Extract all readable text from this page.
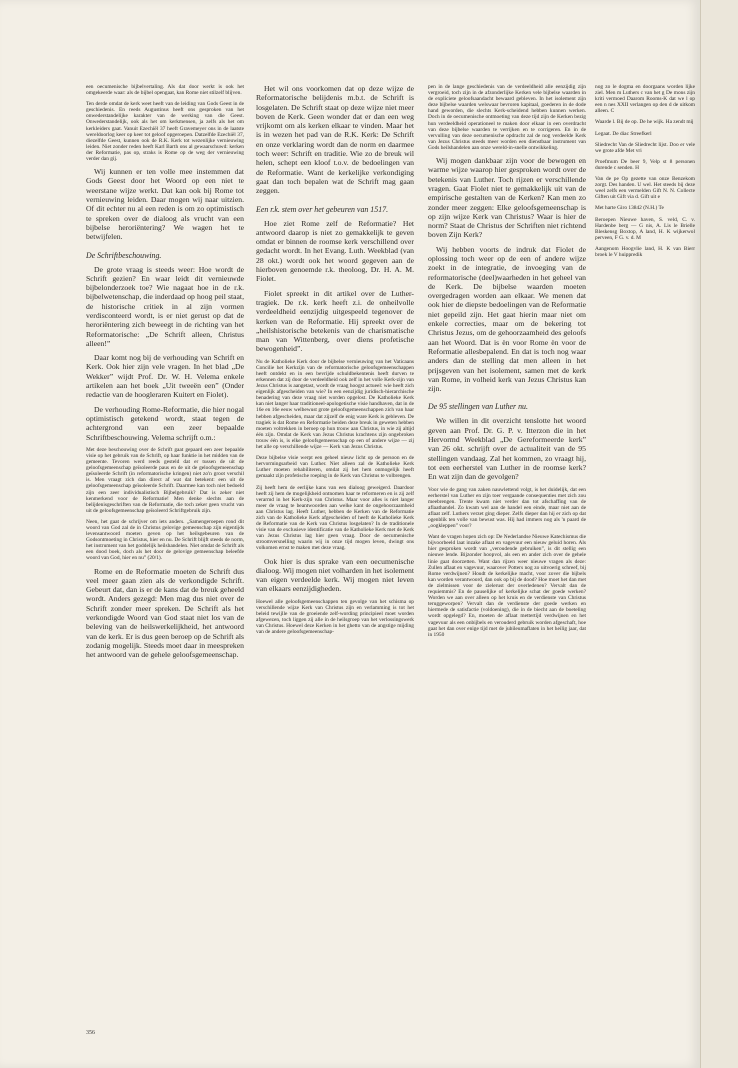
een oecumenische bijbelvertaling. Als dat door werkt is ook het omgekeerde waar: als de bijbel opengaat, kan Rome niet stilzelf blijven.

Ten derde omdat de kerk weet heeft van de leiding van Gods Geest in de geschiedenis. En reeds Augustinus heeft ons gesproken van het onwederstandelijke karakter van de werking van die Geest. Onwederstandelijk, ook als het om kerkmensen, ja zelfs als het om kerkleiders gaat. Vanuit Ezechiël 37 heeft Gravemeyer ons in de laatste wereldoorlog keer op keer tot geloof opgeroepen. Datzelfde Ezechiël 37, diezelfde Geest, kunnen ook de R.K. Kerk tot wezenlijke vernieuwing leiden. Niet zonder reden heeft Karl Barth ons al gewaarschuwd: kerken der Reformatie, pas op, straks is Rome op de weg der vernieuwing verder dan gij.

Wij kunnen er ten volle mee instemmen dat Gods Geest door het Woord op een niet te weerstane wijze werkt. Dat kan ook bij Rome tot vernieuwing leiden. Daar mogen wij naar uitzien. Of dit echter nu al een reden is om zo optimistisch te spreken over de dialoog als vrucht van een bijbelse heroriëntering? We wagen het te betwijfelen.

De Schriftbeschouwing.

De grote vraag is steeds weer: Hoe wordt de Schrift gezien? En waar leidt dit vernieuwde bijbelonderzoek toe? Wie nagaat hoe in de r.k. bijbelwetenschap, die inderdaad op hoog peil staat, de historische critiek in al zijn vormen verdisconteerd wordt, is er niet gerust op dat de heroriëntering zich beweegt in de richting van het Reformatorische: „De Schrift alleen, Christus alleen!”

Daar komt nog bij de verhouding van Schrift en Kerk. Ook hier zijn vele vragen. In het blad „De Wekker” wijdt Prof. Dr. W. H. Velema enkele artikelen aan het boek „Uit tweeën een” (Onder redactie van de hoogleraren Kuitert en Fiolet).

De verhouding Rome-Reformatie, die hier nogal optimistisch getekend wordt, staat tegen de achtergrond van een zeer bepaalde Schriftbeschouwing. Velema schrijft o.m.:

Met deze beschouwing over de Schrift gaat gepaard een zeer bepaalde visie op het gebruik van de Schrift, op haar funktie in het midden van de gemeente. Tevoren werd reeds gesteld dat er tussen de uit de geloofsgemeenschap geïsoleerde paus en de uit de geloofsgemeenschap geïsoleerde Schrift (in reformatorische kringen) niet zo'n groot verschil is. Men vraagt zich dan direct af wat dat betekent: een uit de geloofsgemeenschap geïsoleerde Schrift. Daarmee kan toch niet bedoeld zijn een zeer individualistisch Bijbelgebruik? Dat is zeker niet kenmerkend voor de Reformatie! Men denke slechts aan de belijdenisgeschriften van de Reformatie, die toch zeker geen vrucht van uit de geloofsgemeenschap geïsoleerd Schriftgebruik zijn.

Neen, het gaat de schrijver om iets anders. „Samengeroepen rond dit woord van God zal de in Christus gelovige gemeenschap zijn eigentijds levensantwoord moeten geven op het heilsgebeuren van de Godsontmoeting in Christus, hier en nu. De Schrift blijft steeds de norm, het instrument van het goddelijk heilshandelen. Niet omdat de Schrift als een dood boek, doch als het door de gelovige gemeenschap beleefde woord van God, hier en nu” (20/1).

Rome en de Reformatie moeten de Schrift dus veel meer gaan zien als de verkondigde Schrift. Gebeurt dat, dan is er de kans dat de breuk geheeld wordt. Anders gezegd: Men mag dus niet over de Schrift zonder meer spreken. De Schrift als het verkondigde Woord van God staat niet los van de beleving van de heilswerkelijkheid, het antwoord van de kerk. Er is dus geen beroep op de Schrift als zodanig mogelijk. Steeds moet daar in meespreken het antwoord van de gehele geloofsgemeenschap.

Het wil ons voorkomen dat op deze wijze de Reformatorische belijdenis m.b.t. de Schrift is losgelaten. De Schrift staat op deze wijze niet meer boven de Kerk. Geen wonder dat er dan een weg vrijkomt om als kerken elkaar te vinden. Maar het is in wezen het pad van de R.K. Kerk: De Schrift en onze verklaring wordt dan de norm en daarmee toch weer: Schrift en traditie. Wie zo de breuk wil helen, schept een kloof t.o.v. de bedoelingen van de Reformatie. Want de kerkelijke verkondiging gaat dan toch bepalen wat de Schrift mag gaan zeggen.

Een r.k. stem over het gebeuren van 1517.

Hoe ziet Rome zelf de Reformatie? Het antwoord daarop is niet zo gemakkelijk te geven omdat er binnen de roomse kerk verschillend over gedacht wordt. In het Evang. Luth. Weekblad (van 28 okt.) wordt ook het woord gegeven aan de hierboven genoemde r.k. theoloog, Dr. H. A. M. Fiolet.

Fiolet spreekt in dit artikel over de Luther-tragiek. De r.k. kerk heeft z.i. de onheilvolle verdeeldheid eenzijdig uitgespeeld tegenover de kerken van de Reformatie. Hij spreekt over de „heilshistorische betekenis van de charismatische man van Wittenberg, over diens profetische bewogenheid”.

Nu de Katholieke Kerk door de bijbelse vernieuwing van het Vaticaans Concilie het Kerkzijn van de reformatorische geloofsgemeenschappen heeft ontdekt en in een bevrijde schuldbekentenis heeft durven te erkennen dat zij door de verdeeldheid ook zelf in het volle Kerk-zijn van Jezus Christus is aangetast, wordt de vraag hoogst actueel: wie heeft zich eigenlijk afgescheiden van wie? In een eenzijdig juridisch-hierarchische benadering van deze vraag niet worden opgelost. De Katholieke Kerk kan niet langer haar traditioneel-apologetische visie handhaven, dat in de 16e en 16e eeuw welbewust grote geloofsgemeenschappen zich van haar hebben afgescheiden, maar dat zijzelf de enig ware Kerk is gebleven. De tragiek is dat Rome en Reformatie beiden deze breuk in geweten hebben moeten voltrekken in beroep op hun trouw aan Christus, in wie zij altijd één zijn. Omdat de Kerk van Jezus Christus krachtens zijn ongebroken trouw één is, is elke geloofsgemeenschap op een of andere wijze — zij het alle op verschillende wijze — Kerk van Jezus Christus.

Deze bijbelse visie werpt een geheel nieuw licht op de persoon en de hervormingsarbeid van Luther. Niet alleen zal de Katholieke Kerk Luther moeten rehabiliteren, omdat zij het hem onmogelijk heeft gemaakt zijn profetische roeping in de Kerk van Christus te volbrengen.

Zij heeft hem de eerlijke kans van een dialoog geweigerd. Daardoor heeft zij hem de mogelijkheid ontnomen haar te reformeren en is zij zelf verarmd in het Kerk-zijn van Christus. Maar voor alles is niet langer meer de vraag te beantwoorden aan welke kant de ongehoorzaamheid aan Christus lag. Heeft Luther, hebben de Kerken van de Reformatie zich van de Katholieke Kerk afgescheiden of heeft de Katholieke Kerk de Reformatie van de Kerk van Christus losgelaten? In de traditionele visie van de exclusieve identificatie van de Katholieke Kerk met de Kerk van Jezus Christus lag hier geen vraag. Door de oecumenische stroomversnelling waarin wij in onze tijd mogen leven, dwingt ons volkomen ernst te maken met deze vraag.

Ook hier is dus sprake van een oecumenische dialoog. Wij mogen niet volharden in het isolement van eigen verdeelde kerk. Wij mogen niet leven van elkaars eenzijdigheden.

Hoewel alle geloofsgemeenschappen ten gevolge van het schisma op verschillende wijze Kerk van Christus zijn en verlamming is tot het beleid tewijlle van de groeiende zelf-wording principieel moet worden afgewezen, toch liggen zij alle in de heilsgroep van het verlossingswerk van Christus. Hoewel deze Kerken in het ghetto van de angstige mijding van de andere geloofsgemeenschap-

pen in de lange geschiedenis van de verdeeldheid alle eenzijdig zijn vergroeid, toch zijn in de afzonderlijke Kerken vele bijbelse waarden in de expliciete geloofsaandacht bewaard gebleven. In het isolement zijn deze bijbelse waarden welswaar bevroren kapitaal, goederen in de dode hand geworden, die slechts Kerk-scheidend hebben kunnen werken. Doch in de oecumenische ontmoeting van deze tijd zijn de Kerken bezig hun verdeeldheid operationeel te maken door elkaar in een overdracht van deze bijbelse waarden te verrijken en te corrigeren. En in de vervulling van deze oecumenische opdracht zal de nog verdeelde Kerk van Jezus Christus steeds meer worden een dienstbaar instrument van Gods heilshandelen aan onze wereld-in-snelle ontwikkeling.

Wij mogen dankbaar zijn voor de bewogen en warme wijze waarop hier gesproken wordt over de betekenis van Luther. Toch rijzen er verschillende vragen. Gaat Fiolet niet te gemakkelijk uit van de empirische gestalten van de Kerken? Kan men zo zonder meer zeggen: Elke geloofsgemeenschap is op zijn wijze Kerk van Christus? Waar is hier de norm? Staat de Christus der Schriften niet richtend boven Zijn Kerk?

Wij hebben voorts de indruk dat Fiolet de oplossing toch weer op de een of andere wijze zoekt in de integratie, de invoeging van de reformatorische (deel)waarheden in het geheel van de Kerk. De bijbelse waarden moeten overgedragen worden aan elkaar. We menen dat ook hier de diepste bedoelingen van de Reformatie niet gepeild zijn. Het gaat hierin maar niet om enkele correcties, maar om de bekering tot Christus Jezus, om de gehoorzaamheid des geloofs aan het Woord. Dat is èn voor Rome èn voor de Reformatie allesbepalend. En dat is toch nog waar anders dan de stelling dat men alleen in het prijsgeven van het isolement, samen met de kerk van Rome, in volheid kerk van Jezus Christus kan zijn.

De 95 stellingen van Luther nu.

We willen in dit overzicht tenslotte het woord geven aan Prof. Dr. G. P. v. Itterzon die in het Hervormd Weekblad „De Gereformeerde kerk” van 26 okt. schrijft over de actualiteit van de 95 stellingen vandaag. Zal het kommen, zo vraagt hij, tot een eerherstel van Luther in de roomse kerk? En wat zijn dan de gevolgen?

Voor wie de gang van zaken nauwlettend volgt, is het duidelijk, dat een eerherstel van Luther en zijn toer vergaande consequenties met zich zou meebrengen. Trente kwam niet verder dan tot afschaffing van de aflaathandel. Zo kwam wel aan de handel een einde, maar niet aan de aflaat zelf. Luthers verzet ging dieper. Zelfs dieper dan hij er zich op dat ogenblik ten volle van bewust was. Hij had immers nog als 'n paard de „oogkleppen” voor?

Want de vragen hopen zich op: De Nederlandse Nieuwe Katechismus die bijvoorbeeld laat inzake aflaat en vagevuur een nieuw geluid horen. Als hier gesproken wordt van „veroudende gebruiken”, is dit stellig een nieuwe lende. Bijzonder hoopvol, als een en ander zich over de gehele linie gaat doorzetten. Want dan rijzen weer nieuwe vragen als deze: Zullen aflaat en vagevuur, waarover Potters nog zo uitvoerig schreef, bij Rome verdwijnen? Houdt de kerkelijke macht, voor zover die bijbels kan worden verantwoord, dan ook op bij de dood? Hoe moet het dan met de zielmissen voor de zielerust der overledenen? Vervalt dan de requiemmis? En de pauselijke of kerkelijke schat der goede werken? Worden we aan over alleen op het kruis en de verdienste van Christus teruggeworpen? Vervalt dan de verdienste der goede werken en hiermede de satisfactie (voldoening), die in de biecht aan de boeteling wordt opgelegd? En, moeten de aflaat mettertijd verdwijnen en het vagevuur als een onbijbels en verouderd gebruik worden afgeschaft, hoe gaat het dan over enige tijd met de jubileumaflaten in het heilig jaar, dat in 1950

nog zo le dogma en doorgaans worden lijke ziel. Men m Luthers c van het g De mons zijn kriti vermoed Daarom Rooms-K dat we l op een n nes XXII verlangen op den d de uitkom alleen. C

Waarde l. Bij de op. De he wijk. Ha zendt mij

Legaat. De diac Streefkerl

Sliedrecht Van de Sliedrecht lijst. Doo er vele we grote afde Met vri

Proefmum De beer 9, Velp st 8 personen durende c senden. H

Van de pe Op gezette van onze Benzekom zorgt. Des handen. U wel. Het steeds bij deze weel zelfs een vermelden Gift N. N. Collecte Giften uit Gift via d. Gift uit e

Met harte Giro 13842 (N.H.) Te

Beroepen Nieuwe haven, S. veld, C. v. Hardenbe berg — G nis, A. Lis le Brielle Bleskensg Boxtop, A land, H. K wijkerwol perveen, F G. v. d. M

Aangenom Hoogvlie land, H. K van Bierr broek le V huippredik

356
